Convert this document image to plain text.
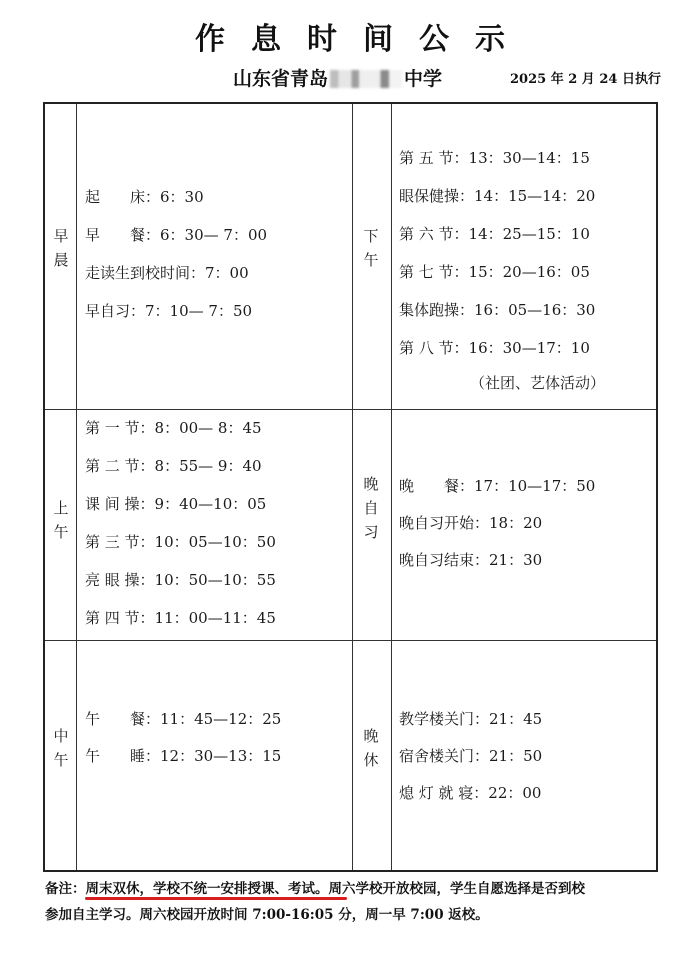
作息时间公示
山东省青岛	中学	2025 年 2 月 24 日执行
早晨
下午
起　　床：6：30
早　　餐：6：30— 7：00
走读生到校时间：7：00
早自习：7：10— 7：50
第 五 节：13：30—14：15
眼保健操：14：15—14：20
第 六 节：14：25—15：10
第 七 节：15：20—16：05
集体跑操：16：05—16：30
第 八 节：16：30—17：10
（社团、艺体活动）
上午
晚自习
第 一 节：8：00— 8：45
第 二 节：8：55— 9：40
课 间 操：9：40—10：05
第 三 节：10：05—10：50
亮 眼 操：10：50—10：55
第 四 节：11：00—11：45
晚　　餐：17：10—17：50
晚自习开始：18：20
晚自习结束：21：30
中午
晚休
午　　餐：11：45—12：25
午　　睡：12：30—13：15
教学楼关门：21：45
宿舍楼关门：21：50
熄 灯 就 寝：22：00
备注：周末双休，学校不统一安排授课、考试。周六学校开放校园，学生自愿选择是否到校
参加自主学习。周六校园开放时间 7:00-16:05 分，周一早 7:00 返校。
